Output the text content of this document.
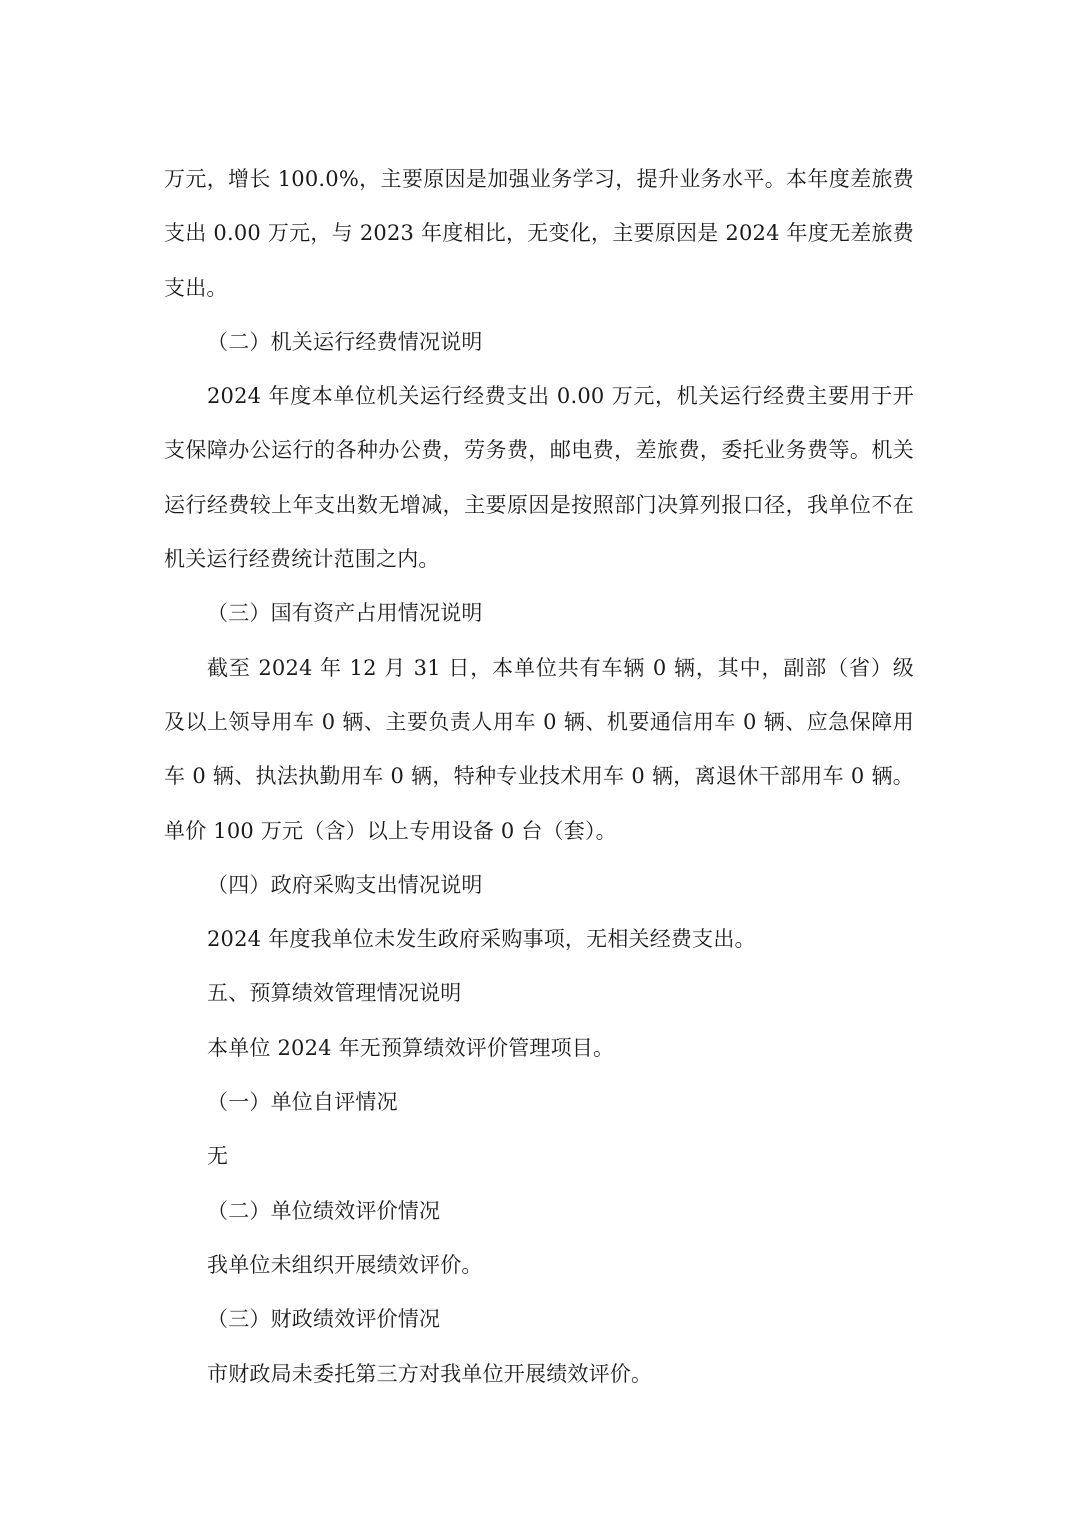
万元，增长 100.0%，主要原因是加强业务学习，提升业务水平。本年度差旅费支出 0.00 万元，与 2023 年度相比，无变化，主要原因是 2024 年度无差旅费支出。

（二）机关运行经费情况说明

2024 年度本单位机关运行经费支出 0.00 万元，机关运行经费主要用于开支保障办公运行的各种办公费，劳务费，邮电费，差旅费，委托业务费等。机关运行经费较上年支出数无增减，主要原因是按照部门决算列报口径，我单位不在机关运行经费统计范围之内。

（三）国有资产占用情况说明

截至 2024 年 12 月 31 日，本单位共有车辆 0 辆，其中，副部（省）级及以上领导用车 0 辆、主要负责人用车 0 辆、机要通信用车 0 辆、应急保障用车 0 辆、执法执勤用车 0 辆，特种专业技术用车 0 辆，离退休干部用车 0 辆。单价 100 万元（含）以上专用设备 0 台（套）。

（四）政府采购支出情况说明

2024 年度我单位未发生政府采购事项，无相关经费支出。

五、预算绩效管理情况说明

本单位 2024 年无预算绩效评价管理项目。

（一）单位自评情况

无

（二）单位绩效评价情况

我单位未组织开展绩效评价。

（三）财政绩效评价情况

市财政局未委托第三方对我单位开展绩效评价。
